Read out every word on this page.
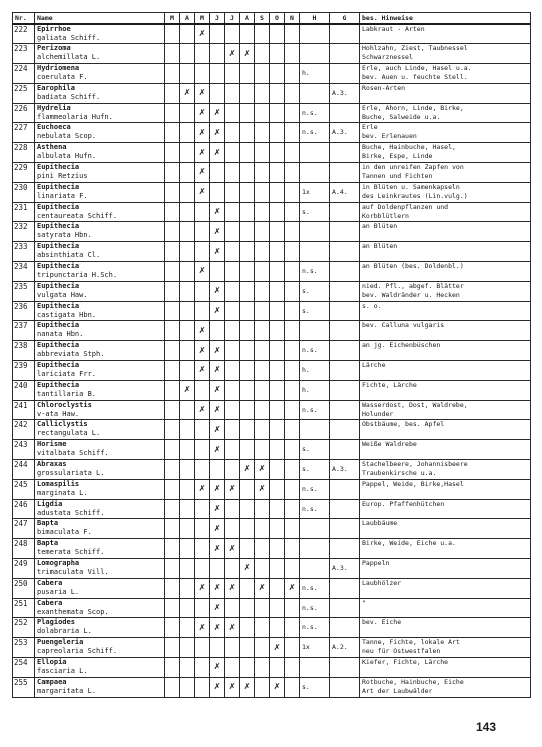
Nr.	Name	M	A	M	J	J	A	S	O	N	H	G	bes. Hinweise
222	Epirrhoe
galiata Schiff.			✗									Labkraut - Arten

223	Perizoma
alchemillata L.					✗	✗						Hohlzahn, Ziest, Taubnessel
Schwarznessel

224	Hydriomena
coerulata F.										h.		Erle, auch Linde, Hasel u.a.
bev. Auen u. feuchte Stell.

225	Earophila
badiata Schiff.		✗	✗								A.3.	Rosen-Arten

226	Hydrelia
flammeolaria Hufn.			✗	✗						n.s.		Erle, Ahorn, Linde, Birke,
Buche, Salweide u.a.

227	Euchoeca
nebulata Scop.			✗	✗						n.s.	A.3.	Erle
bev. Erlenauen

228	Asthena
albulata Hufn.			✗	✗								Buche, Hainbuche, Hasel,
Birke, Espe, Linde

229	Eupithecia
pini Retzius			✗									in den unreifen Zapfen von
Tannen und Fichten

230	Eupithecia
linariata F.			✗							1x	A.4.	in Blüten u. Samenkapseln
des Leinkrautes (Lin.vulg.)

231	Eupithecia
centaureata Schiff.				✗						s.		auf Doldenpflanzen und
Korbblütlern

232	Eupithecia
satyrata Hbn.				✗								an Blüten

233	Eupithecia
absinthiata Cl.				✗								an Blüten

234	Eupithecia
tripunctaria H.Sch.			✗							n.s.		an Blüten (bes. Doldenbl.)

235	Eupithecia
vulgata Haw.				✗						s.		nied. Pfl., abgef. Blätter
bev. Waldränder u. Hecken

236	Eupithecia
castigata Hbn.				✗						s.		s. o.

237	Eupithecia
nanata Hbn.			✗									bev. Calluna vulgaris

238	Eupithecia
abbreviata Stph.			✗	✗						n.s.		an jg. Eichenbüschen

239	Eupithecia
lariciata Frr.			✗	✗						h.		Lärche

240	Eupithecia
tantillaria B.		✗		✗						h.		Fichte, Lärche

241	Chloroclystis
v-ata Haw.			✗	✗						n.s.		Wasserdost, Dost, Waldrebe,
Holunder

242	Calliclystis
rectangulata L.				✗								Obstbäume, bes. Apfel

243	Horisme
vitalbata Schiff.				✗						s.		Weiße Waldrebe

244	Abraxas
grossulariata L.						✗	✗			s.	A.3.	Stachelbeere, Johannisbeere
Traubenkirsche u.a.

245	Lomaspilis
marginata L.			✗	✗	✗		✗			n.s.		Pappel, Weide, Birke,Hasel

246	Ligdia
adustata Schiff.				✗						n.s.		Europ. Pfaffenhütchen

247	Bapta
bimaculata F.				✗								Laubbäume

248	Bapta
temerata Schiff.				✗	✗							Birke, Weide, Eiche u.a.

249	Lomographa
trimaculata Vill.						✗					A.3.	Pappeln

250	Cabera
pusaria L.			✗	✗	✗		✗		✗	n.s.		Laubhölzer

251	Cabera
exanthemata Scop.				✗						n.s.		"

252	Plagiodes
dolabraria L.			✗	✗	✗					n.s.		bev. Eiche

253	Puengeleria
capreolaria Schiff.								✗		1x	A.2.	Tanne, Fichte, lokale Art
neu für Ostwestfalen

254	Ellopia
fasciaria L.				✗								Kiefer, Fichte, Lärche

255	Campaea
margaritata L.				✗	✗	✗		✗		s.		Rotbuche, Hainbuche, Eiche
Art der Laubwälder
143
